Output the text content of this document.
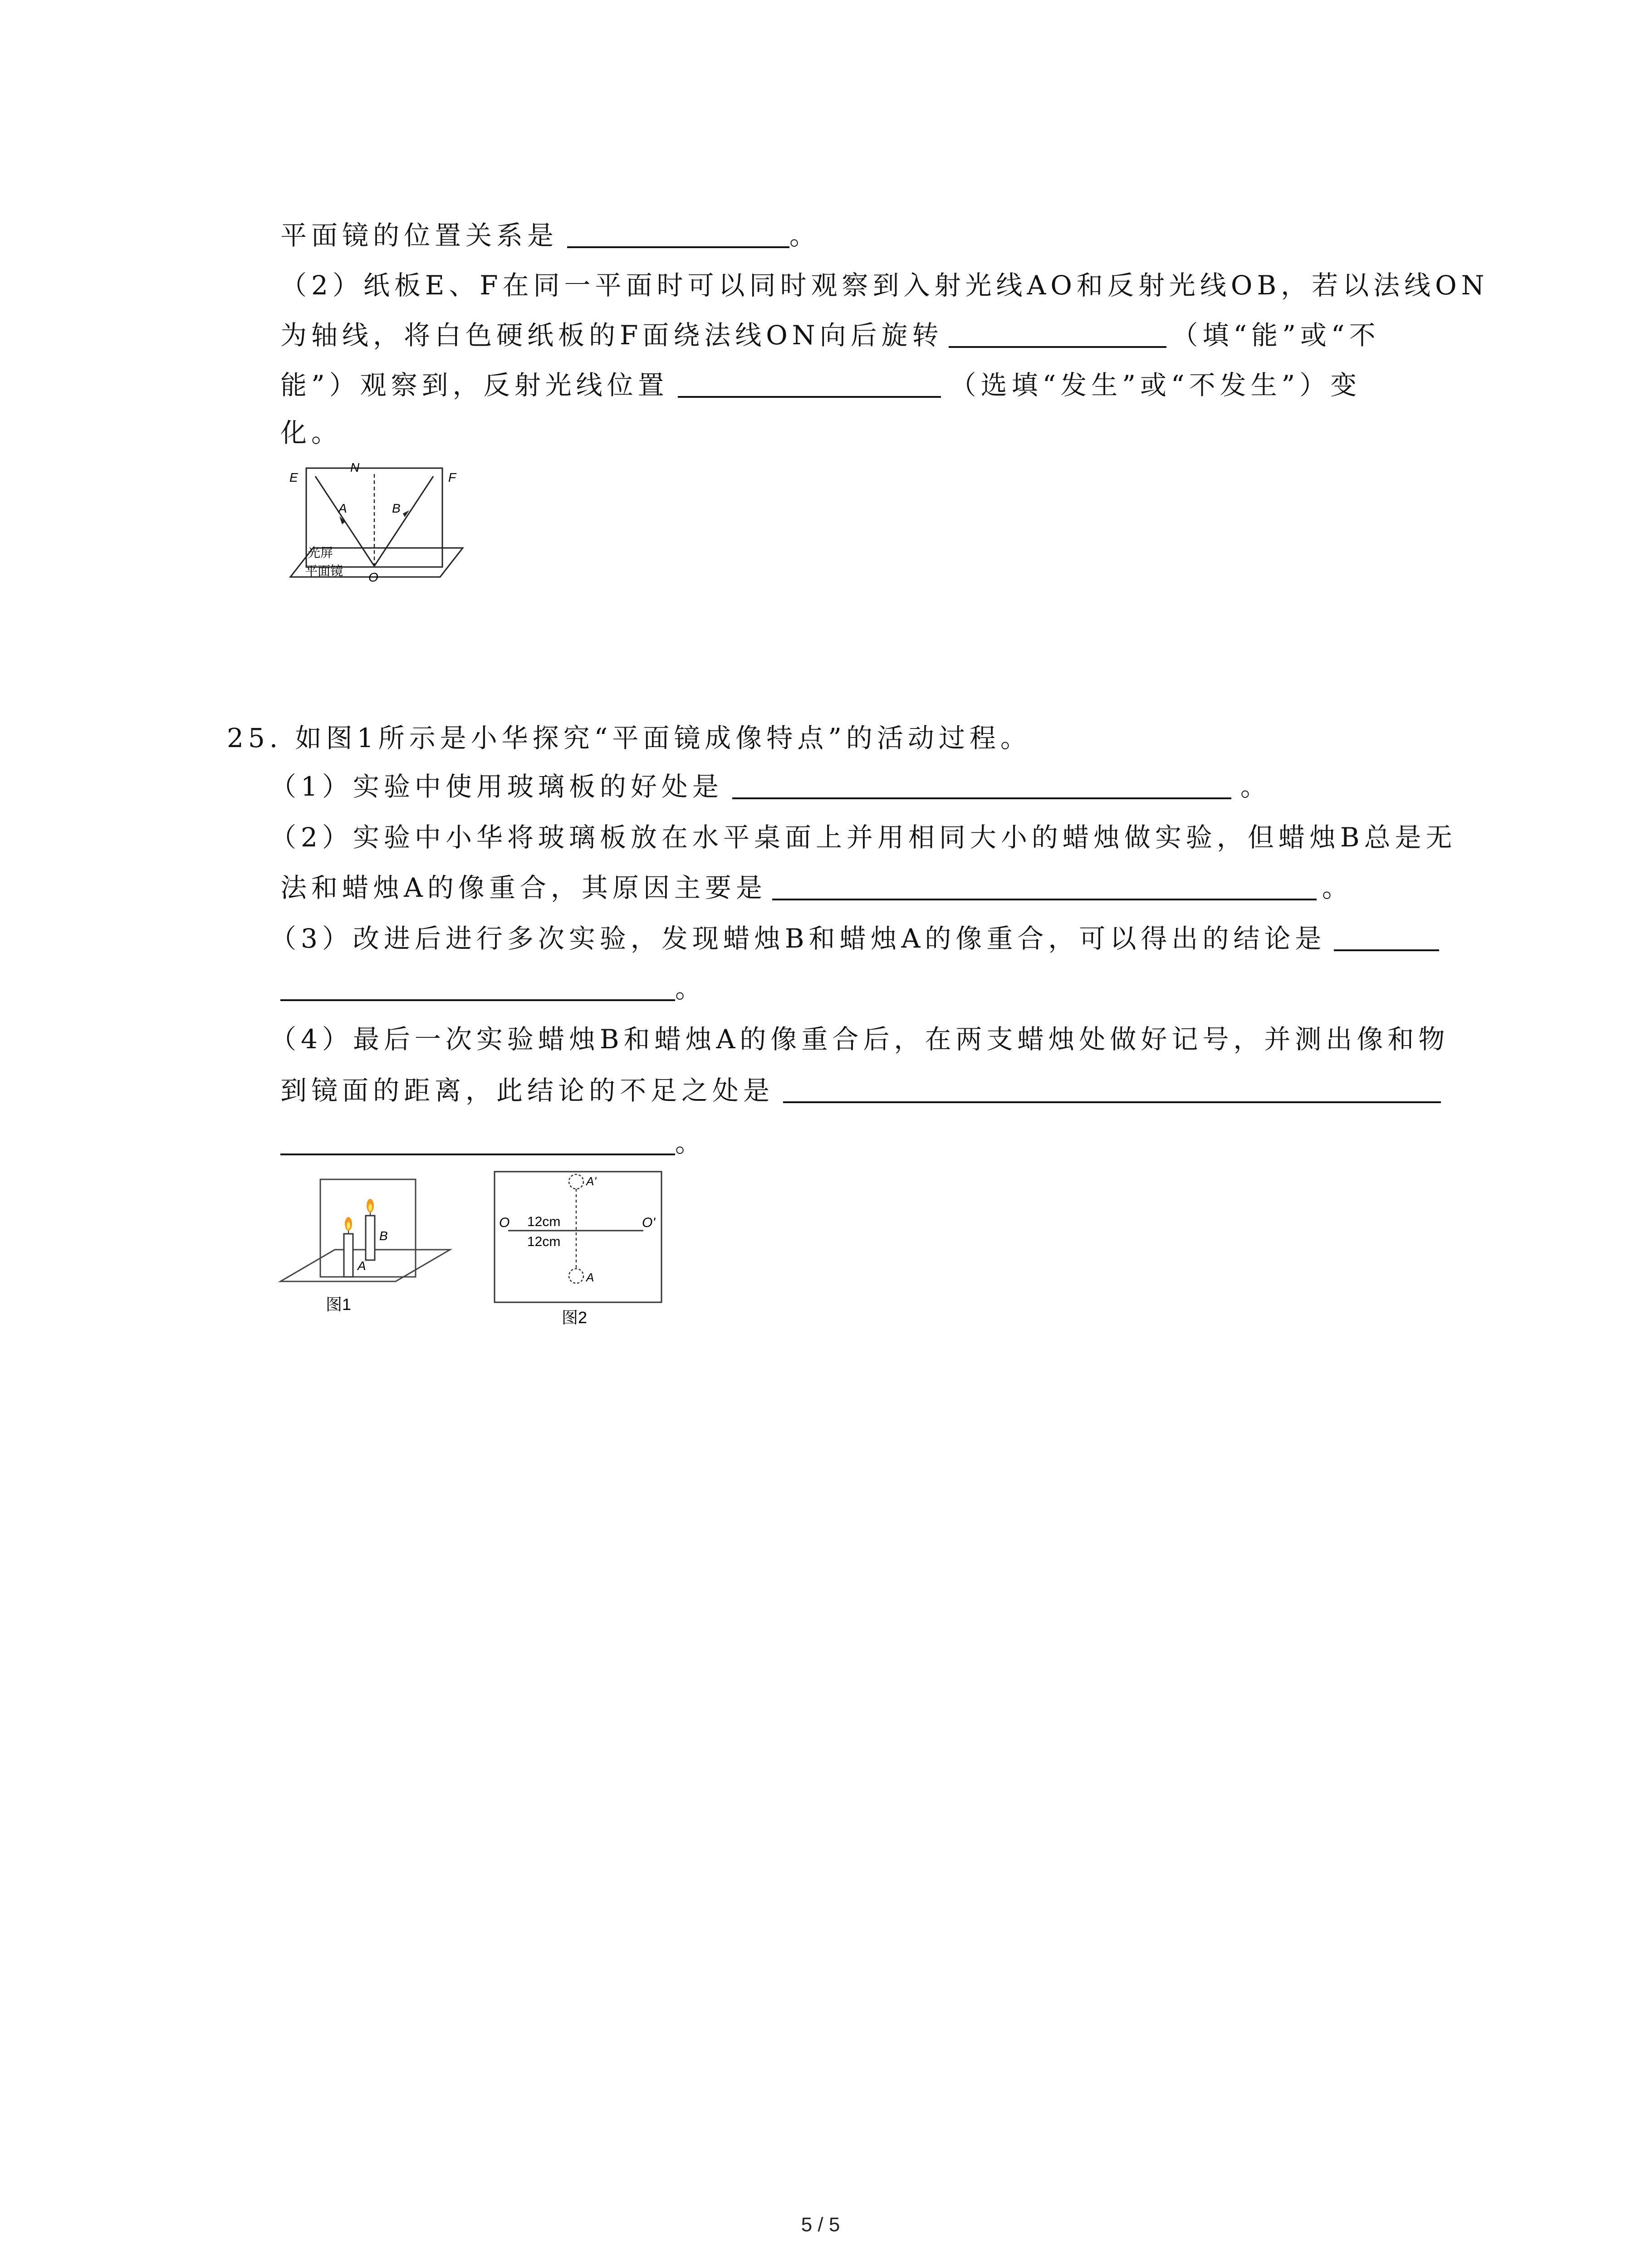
平面镜的位置关系是	。
（2）纸板E、F在同一平面时可以同时观察到入射光线AO和反射光线OB，若以法线ON
为轴线，将白色硬纸板的F面绕法线ON向后旋转	（填“能”或“不
能”）观察到，反射光线位置	（选填“发生”或“不发生”）变
化。
E	F
N
A	B
O
光屏
平面镜
25. 如图1所示是小华探究“平面镜成像特点”的活动过程。
（1）实验中使用玻璃板的好处是	。
（2）实验中小华将玻璃板放在水平桌面上并用相同大小的蜡烛做实验，但蜡烛B总是无
法和蜡烛A的像重合，其原因主要是	。
（3）改进后进行多次实验，发现蜡烛B和蜡烛A的像重合，可以得出的结论是
。
（4）最后一次实验蜡烛B和蜡烛A的像重合后，在两支蜡烛处做好记号，并测出像和物
到镜面的距离，此结论的不足之处是
。
B
A
图1
A'
A
O	O'
12cm
12cm
图2
5 / 5
